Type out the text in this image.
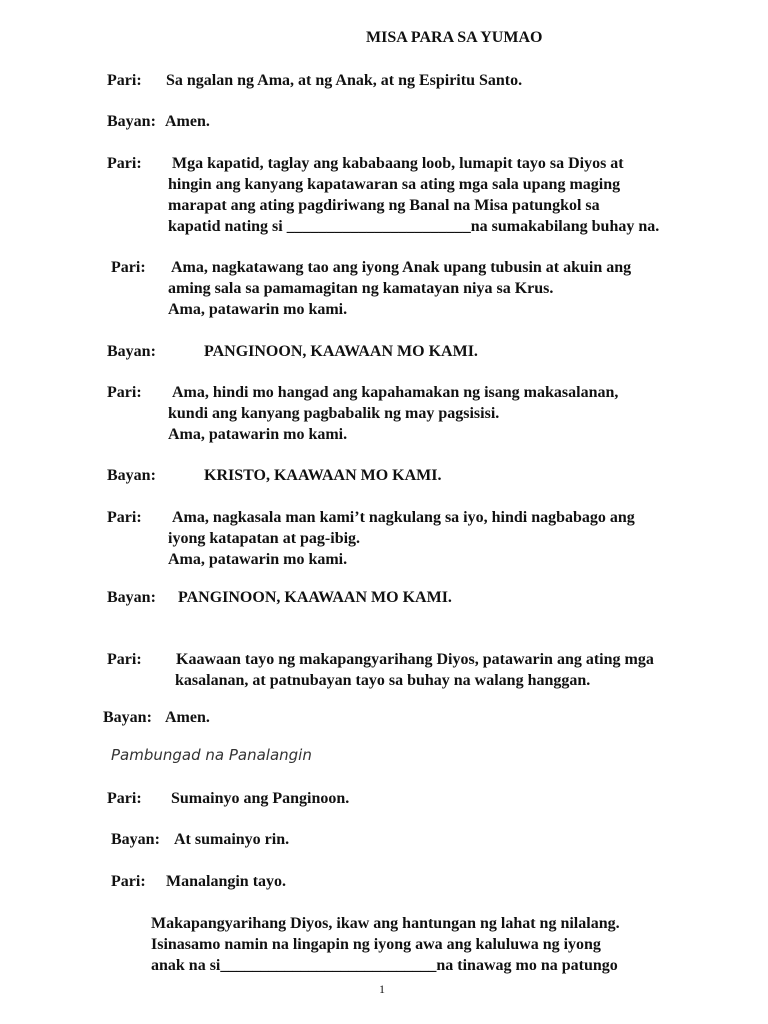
MISA PARA SA YUMAO
Pari: Sa ngalan ng Ama, at ng Anak, at ng Espiritu Santo.
Bayan: Amen.
Pari: Mga kapatid, taglay ang kababaang loob, lumapit tayo sa Diyos at
hingin ang kanyang kapatawaran sa ating mga sala upang maging
marapat ang ating pagdiriwang ng Banal na Misa patungkol sa
kapatid nating si _______________________na sumakabilang buhay na.
Pari: Ama, nagkatawang tao ang iyong Anak upang tubusin at akuin ang
aming sala sa pamamagitan ng kamatayan niya sa Krus.
Ama, patawarin mo kami.
Bayan:	PANGINOON, KAAWAAN MO KAMI.
Pari: Ama, hindi mo hangad ang kapahamakan ng isang makasalanan,
kundi ang kanyang pagbabalik ng may pagsisisi.
Ama, patawarin mo kami.
Bayan:	KRISTO, KAAWAAN MO KAMI.
Pari: Ama, nagkasala man kami’t nagkulang sa iyo, hindi nagbabago ang
iyong katapatan at pag-ibig.
Ama, patawarin mo kami.
Bayan: PANGINOON, KAAWAAN MO KAMI.
Pari: Kaawaan tayo ng makapangyarihang Diyos, patawarin ang ating mga
kasalanan, at patnubayan tayo sa buhay na walang hanggan.
Bayan: Amen.
Pambungad na Panalangin
Pari: Sumainyo ang Panginoon.
Bayan: At sumainyo rin.
Pari: Manalangin tayo.
Makapangyarihang Diyos, ikaw ang hantungan ng lahat ng nilalang.
Isinasamo namin na lingapin ng iyong awa ang kaluluwa ng iyong
anak na si___________________________na tinawag mo na patungo
1
